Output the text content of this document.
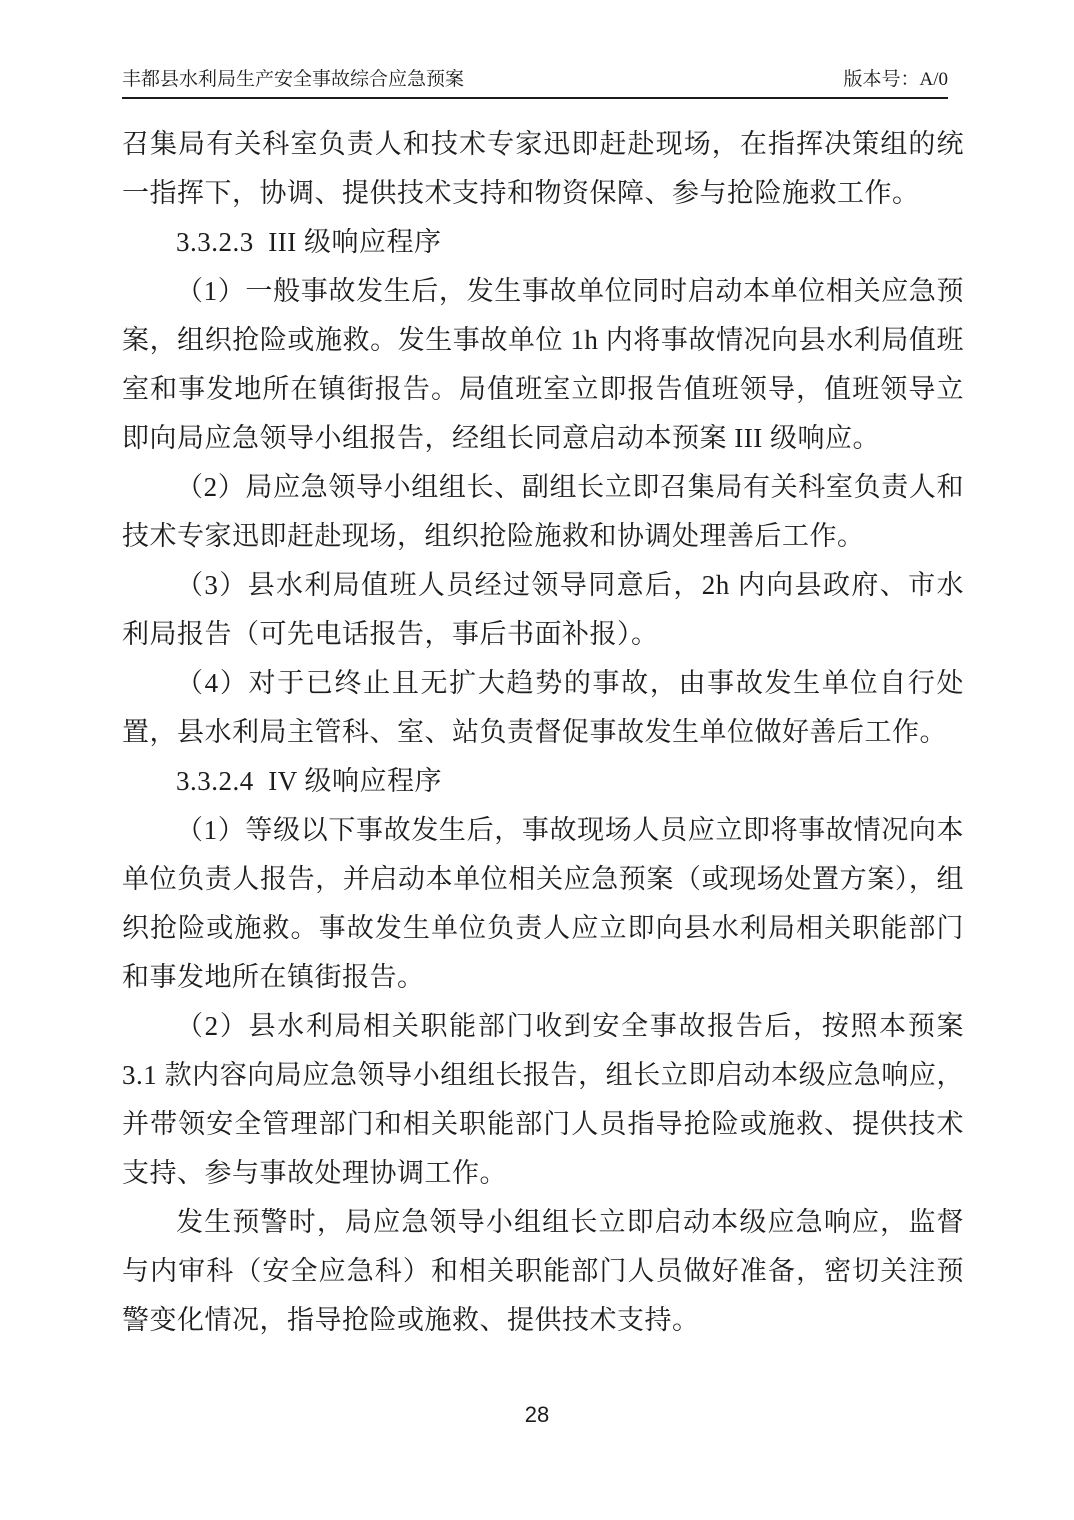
丰都县水利局生产安全事故综合应急预案	版本号：A/0

召集局有关科室负责人和技术专家迅即赶赴现场，在指挥决策组的统一指挥下，协调、提供技术支持和物资保障、参与抢险施救工作。

3.3.2.3  III 级响应程序

（1）一般事故发生后，发生事故单位同时启动本单位相关应急预案，组织抢险或施救。发生事故单位 1h 内将事故情况向县水利局值班室和事发地所在镇街报告。局值班室立即报告值班领导，值班领导立即向局应急领导小组报告，经组长同意启动本预案 III 级响应。

（2）局应急领导小组组长、副组长立即召集局有关科室负责人和技术专家迅即赶赴现场，组织抢险施救和协调处理善后工作。

（3）县水利局值班人员经过领导同意后，2h 内向县政府、市水利局报告（可先电话报告，事后书面补报）。

（4）对于已终止且无扩大趋势的事故，由事故发生单位自行处置，县水利局主管科、室、站负责督促事故发生单位做好善后工作。

3.3.2.4  IV 级响应程序

（1）等级以下事故发生后，事故现场人员应立即将事故情况向本单位负责人报告，并启动本单位相关应急预案（或现场处置方案），组织抢险或施救。事故发生单位负责人应立即向县水利局相关职能部门和事发地所在镇街报告。

（2）县水利局相关职能部门收到安全事故报告后，按照本预案 3.1 款内容向局应急领导小组组长报告，组长立即启动本级应急响应，并带领安全管理部门和相关职能部门人员指导抢险或施救、提供技术支持、参与事故处理协调工作。

发生预警时，局应急领导小组组长立即启动本级应急响应，监督与内审科（安全应急科）和相关职能部门人员做好准备，密切关注预警变化情况，指导抢险或施救、提供技术支持。

28
